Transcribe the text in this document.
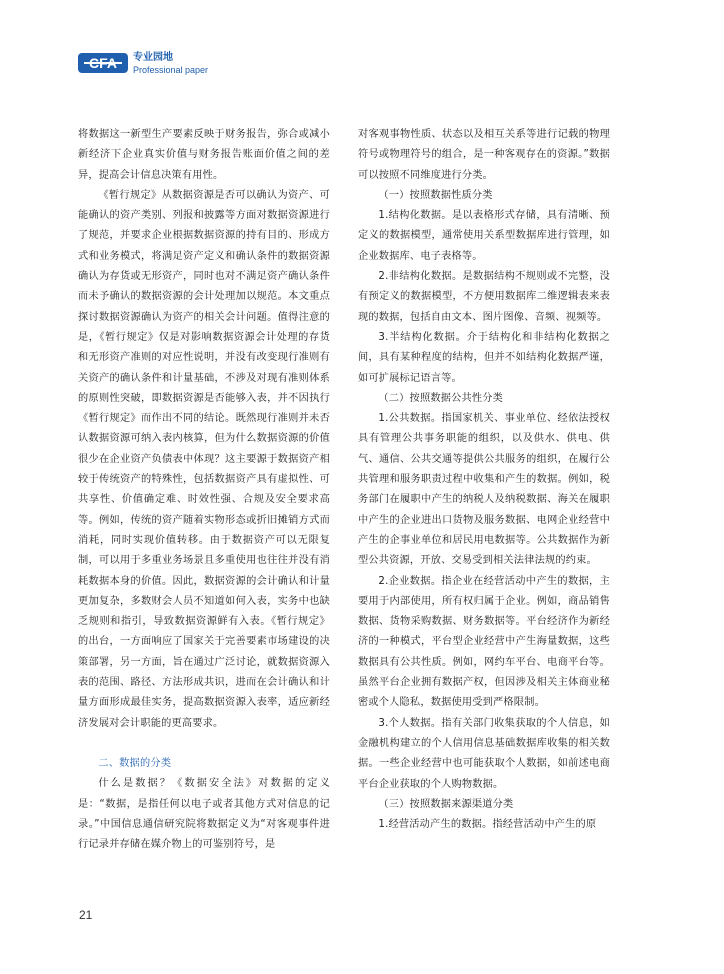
CFA 专业园地
Professional paper

将数据这一新型生产要素反映于财务报告，弥合或减小新经济下企业真实价值与财务报告账面价值之间的差异，提高会计信息决策有用性。

《暂行规定》从数据资源是否可以确认为资产、可能确认的资产类别、列报和披露等方面对数据资源进行了规范，并要求企业根据数据资源的持有目的、形成方式和业务模式，将满足资产定义和确认条件的数据资源确认为存货或无形资产，同时也对不满足资产确认条件而未予确认的数据资源的会计处理加以规范。本文重点探讨数据资源确认为资产的相关会计问题。值得注意的是，《暂行规定》仅是对影响数据资源会计处理的存货和无形资产准则的对应性说明，并没有改变现行准则有关资产的确认条件和计量基础，不涉及对现有准则体系的原则性突破，即数据资源是否能够入表，并不因执行《暂行规定》而作出不同的结论。既然现行准则并未否认数据资源可纳入表内核算，但为什么数据资源的价值很少在企业资产负债表中体现？这主要源于数据资产相较于传统资产的特殊性，包括数据资产具有虚拟性、可共享性、价值确定难、时效性强、合规及安全要求高等。例如，传统的资产随着实物形态或折旧摊销方式而消耗，同时实现价值转移。由于数据资产可以无限复制，可以用于多重业务场景且多重使用也往往并没有消耗数据本身的价值。因此，数据资源的会计确认和计量更加复杂，多数财会人员不知道如何入表，实务中也缺乏规则和指引，导致数据资源鲜有入表。《暂行规定》的出台，一方面响应了国家关于完善要素市场建设的决策部署，另一方面，旨在通过广泛讨论，就数据资源入表的范围、路径、方法形成共识，进而在会计确认和计量方面形成最佳实务，提高数据资源入表率，适应新经济发展对会计职能的更高要求。

二、数据的分类

什么是数据？《数据安全法》对数据的定义是：“数据，是指任何以电子或者其他方式对信息的记录。”中国信息通信研究院将数据定义为“对客观事件进行记录并存储在媒介物上的可鉴别符号，是

对客观事物性质、状态以及相互关系等进行记载的物理符号或物理符号的组合，是一种客观存在的资源。”数据可以按照不同维度进行分类。

（一）按照数据性质分类

1.结构化数据。是以表格形式存储，具有清晰、预定义的数据模型，通常使用关系型数据库进行管理，如企业数据库、电子表格等。

2.非结构化数据。是数据结构不规则或不完整，没有预定义的数据模型，不方便用数据库二维逻辑表来表现的数据，包括自由文本、图片图像、音频、视频等。

3.半结构化数据。介于结构化和非结构化数据之间，具有某种程度的结构，但并不如结构化数据严谨，如可扩展标记语言等。

（二）按照数据公共性分类

1.公共数据。指国家机关、事业单位、经依法授权具有管理公共事务职能的组织，以及供水、供电、供气、通信、公共交通等提供公共服务的组织，在履行公共管理和服务职责过程中收集和产生的数据。例如，税务部门在履职中产生的纳税人及纳税数据、海关在履职中产生的企业进出口货物及服务数据、电网企业经营中产生的企事业单位和居民用电数据等。公共数据作为新型公共资源，开放、交易受到相关法律法规的约束。

2.企业数据。指企业在经营活动中产生的数据，主要用于内部使用，所有权归属于企业。例如，商品销售数据、货物采购数据、财务数据等。平台经济作为新经济的一种模式，平台型企业经营中产生海量数据，这些数据具有公共性质。例如，网约车平台、电商平台等。虽然平台企业拥有数据产权，但因涉及相关主体商业秘密或个人隐私，数据使用受到严格限制。

3.个人数据。指有关部门收集获取的个人信息，如金融机构建立的个人信用信息基础数据库收集的相关数据。一些企业经营中也可能获取个人数据，如前述电商平台企业获取的个人购物数据。

（三）按照数据来源渠道分类

1.经营活动产生的数据。指经营活动中产生的原

21
